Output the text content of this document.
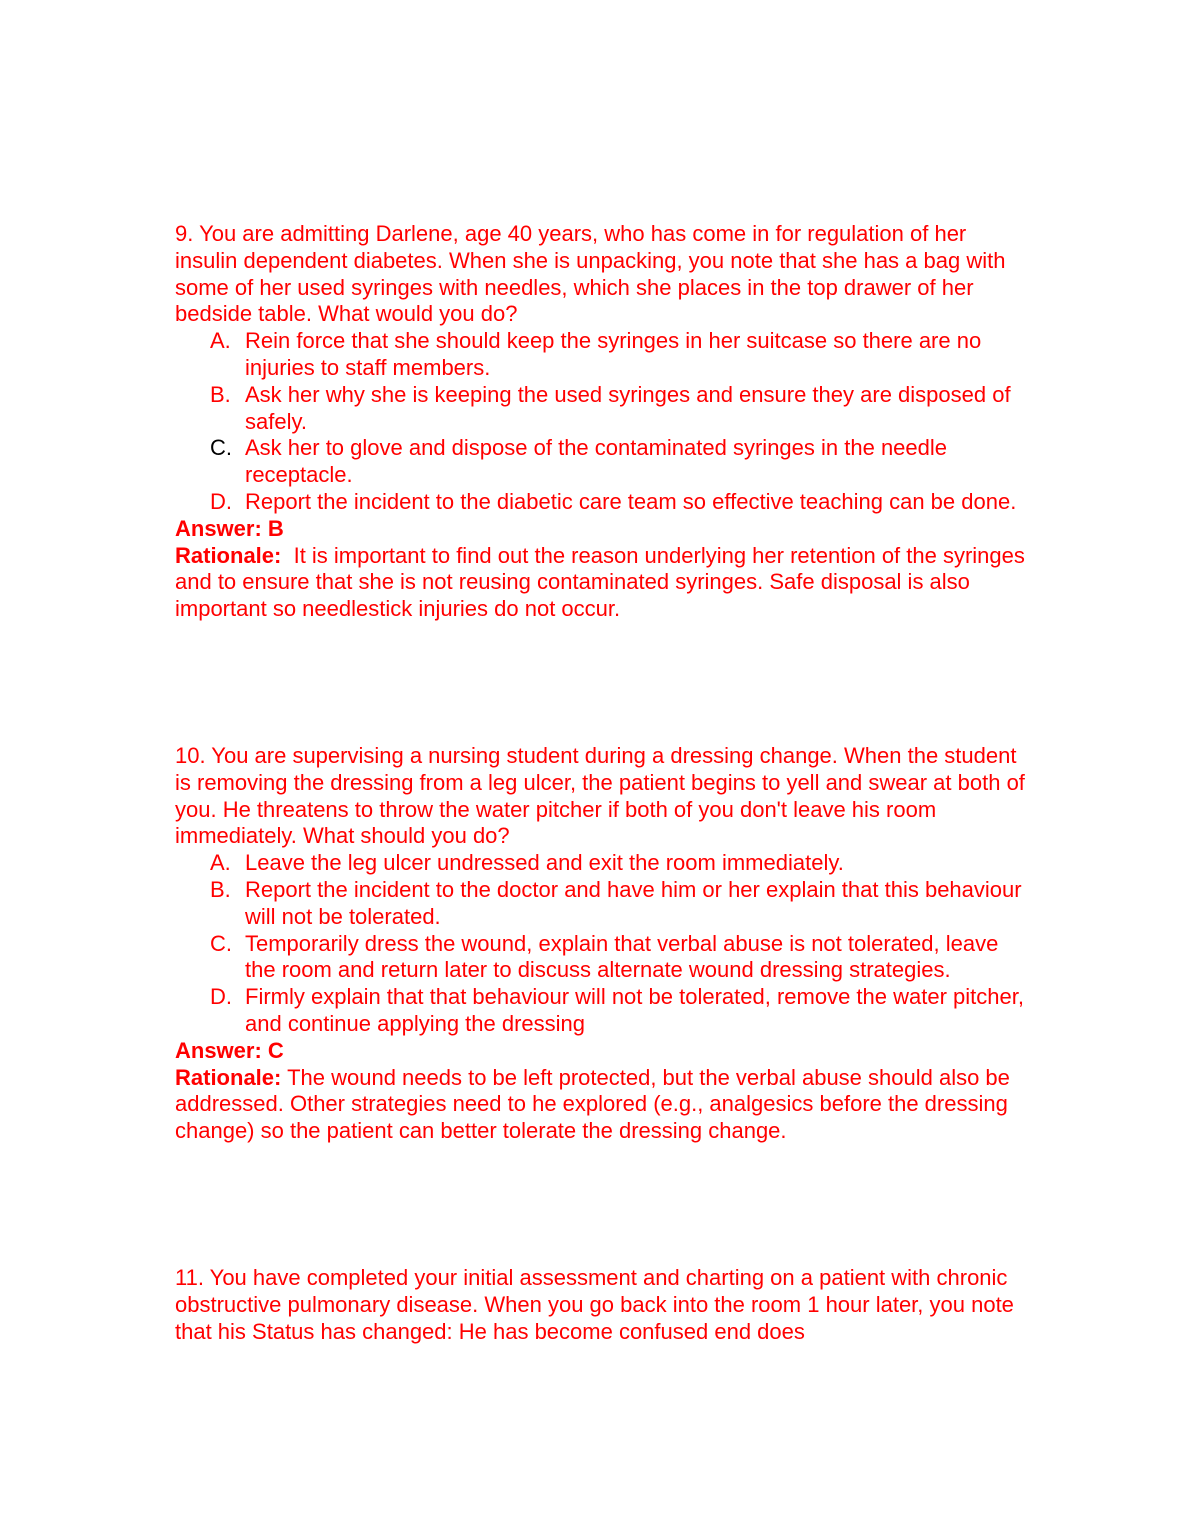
9. You are admitting Darlene, age 40 years, who has come in for regulation of her insulin dependent diabetes. When she is unpacking, you note that she has a bag with some of her used syringes with needles, which she places in the top drawer of her bedside table. What would you do?

A. Rein force that she should keep the syringes in her suitcase so there are no injuries to staff members.
B. Ask her why she is keeping the used syringes and ensure they are disposed of safely.
C. Ask her to glove and dispose of the contaminated syringes in the needle receptacle.
D. Report the incident to the diabetic care team so effective teaching can be done.

Answer: B

Rationale:  It is important to find out the reason underlying her retention of the syringes and to ensure that she is not reusing contaminated syringes. Safe disposal is also important so needlestick injuries do not occur.

10. You are supervising a nursing student during a dressing change. When the student is removing the dressing from a leg ulcer, the patient begins to yell and swear at both of you. He threatens to throw the water pitcher if both of you don't leave his room immediately. What should you do?

A. Leave the leg ulcer undressed and exit the room immediately.
B. Report the incident to the doctor and have him or her explain that this behaviour will not be tolerated.
C. Temporarily dress the wound, explain that verbal abuse is not tolerated, leave the room and return later to discuss alternate wound dressing strategies.
D. Firmly explain that that behaviour will not be tolerated, remove the water pitcher, and continue applying the dressing

Answer: C

Rationale: The wound needs to be left protected, but the verbal abuse should also be addressed. Other strategies need to he explored (e.g., analgesics before the dressing change) so the patient can better tolerate the dressing change.

11. You have completed your initial assessment and charting on a patient with chronic obstructive pulmonary disease. When you go back into the room 1 hour later, you note that his Status has changed: He has become confused end does
